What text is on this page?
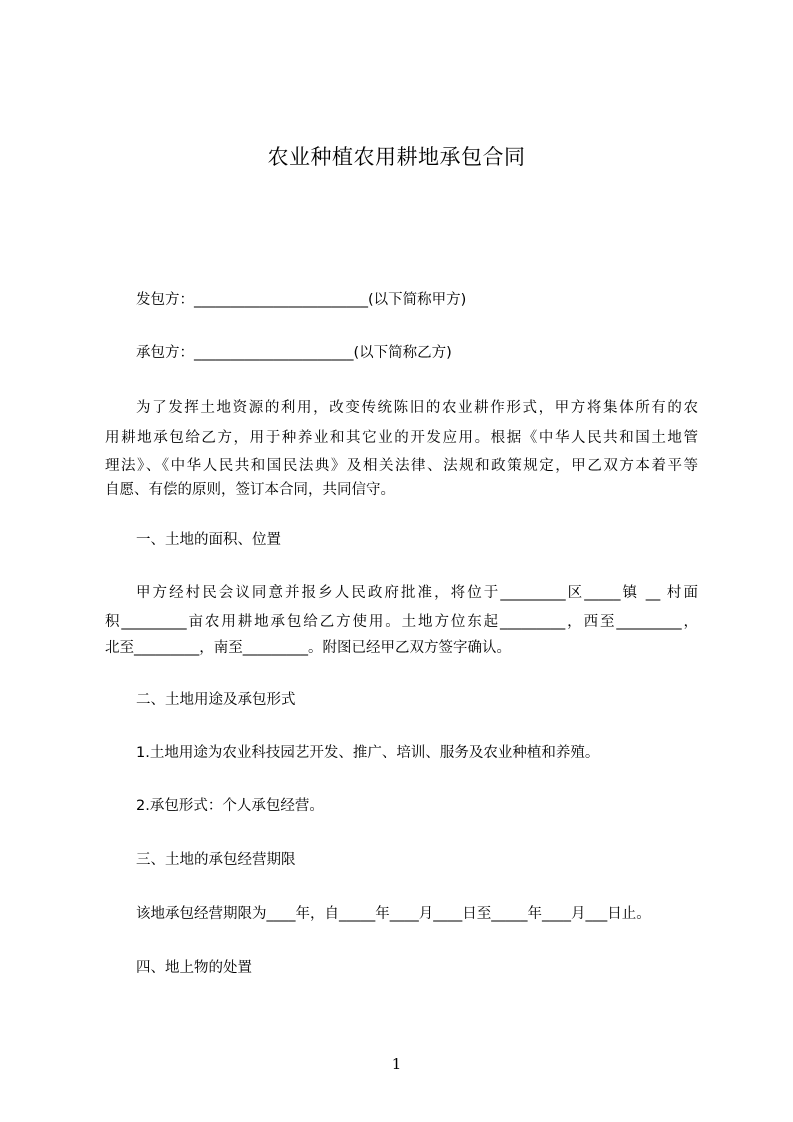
农业种植农用耕地承包合同
发包方：________________________(以下简称甲方)
承包方：______________________(以下简称乙方)
为了发挥土地资源的利用，改变传统陈旧的农业耕作形式，甲方将集体所有的农
用耕地承包给乙方，用于种养业和其它业的开发应用。根据《中华人民共和国土地管
理法》、《中华人民共和国民法典》及相关法律、法规和政策规定，甲乙双方本着平等
自愿、有偿的原则，签订本合同，共同信守。
一、土地的面积、位置
甲方经村民会议同意并报乡人民政府批准，将位于_________区_____镇 __ 村面
积_________亩农用耕地承包给乙方使用。土地方位东起_________，西至_________，
北至_________，南至_________。附图已经甲乙双方签字确认。
二、土地用途及承包形式
1.土地用途为农业科技园艺开发、推广、培训、服务及农业种植和养殖。
2.承包形式：个人承包经营。
三、土地的承包经营期限
该地承包经营期限为____年，自_____年____月____日至_____年____月___日止。
四、地上物的处置
1
